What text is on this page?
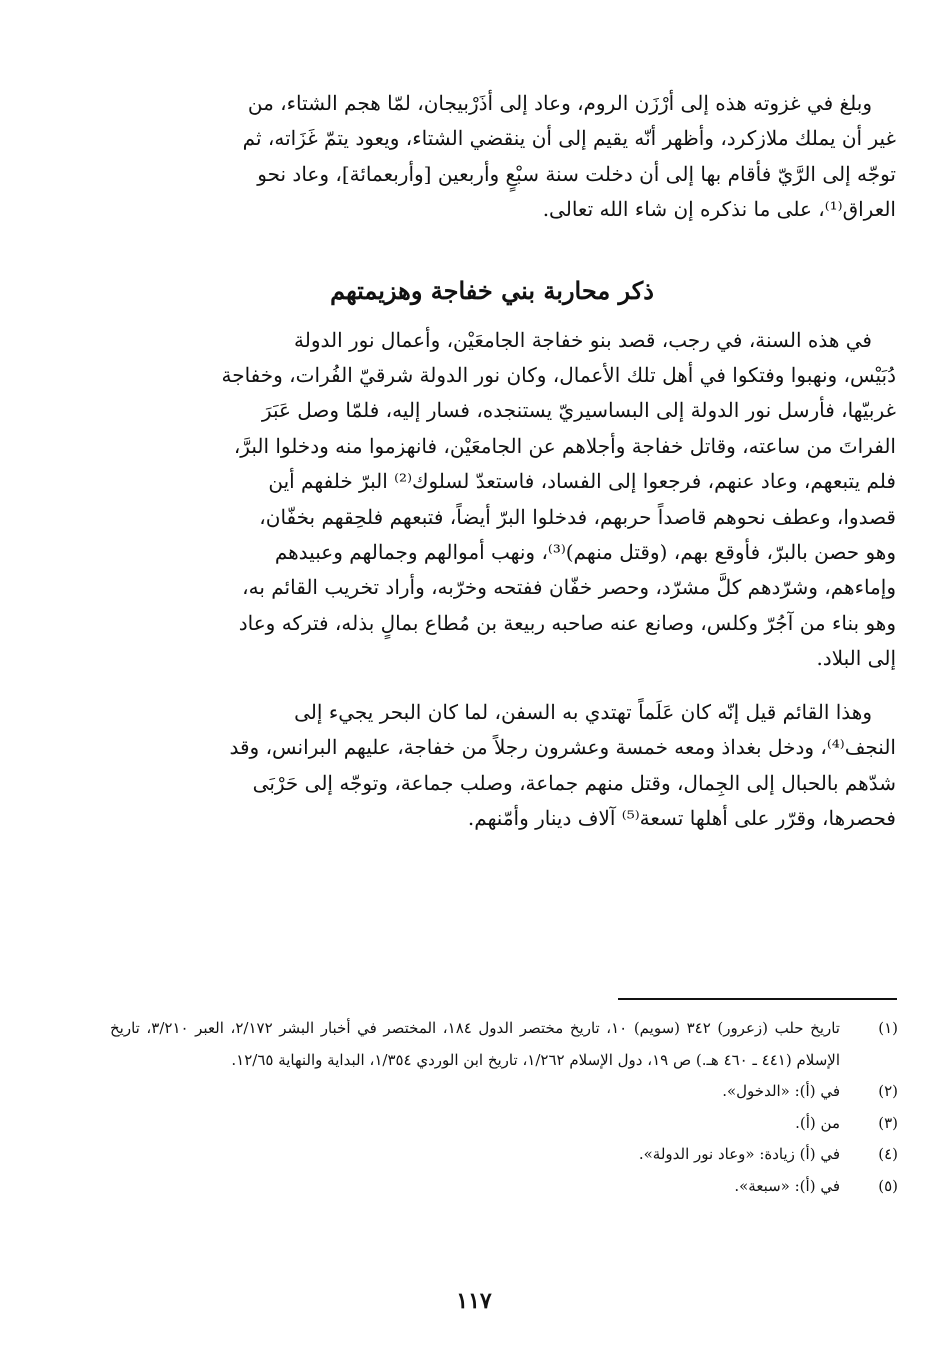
وبلغ في غزوته هذه إلى أرْزَن الروم، وعاد إلى أذَرْبيجان، لمّا هجم الشتاء، من
غير أن يملك ملازكرد، وأظهر أنّه يقيم إلى أن ينقضي الشتاء، ويعود يتمّ غَزَاته، ثم
توجّه إلى الرَّيّ فأقام بها إلى أن دخلت سنة سبْعٍ وأربعين [وأربعمائة]، وعاد نحو
العراق⁽¹⁾، على ما نذكره إن شاء الله تعالى.
ذكر محاربة بني خفاجة وهزيمتهم
في هذه السنة، في رجب، قصد بنو خفاجة الجامعَيْن، وأعمال نور الدولة
دُبَيْس، ونهبوا وفتكوا في أهل تلك الأعمال، وكان نور الدولة شرقيّ الفُرات، وخفاجة
غربيّها، فأرسل نور الدولة إلى البساسيريّ يستنجده، فسار إليه، فلمّا وصل عَبَرَ
الفراتَ من ساعته، وقاتل خفاجة وأجلاهم عن الجامعَيْن، فانهزموا منه ودخلوا البرَّ،
فلم يتبعهم، وعاد عنهم، فرجعوا إلى الفساد، فاستعدّ لسلوك⁽²⁾ البرّ خلفهم أين
قصدوا، وعطف نحوهم قاصداً حربهم، فدخلوا البرّ أيضاً، فتبعهم فلحِقهم بخفّان،
وهو حصن بالبرّ، فأوقع بهم، (وقتل منهم)⁽³⁾، ونهب أموالهم وجمالهم وعبيدهم
وإماءهم، وشرّدهم كلَّ مشرّد، وحصر خفّان ففتحه وخرّبه، وأراد تخريب القائم به،
وهو بناء من آجُرّ وكلس، وصانع عنه صاحبه ربيعة بن مُطاع بمالٍ بذله، فتركه وعاد
إلى البلاد.
وهذا القائم قيل إنّه كان عَلَماً تهتدي به السفن، لما كان البحر يجيء إلى
النجف⁽⁴⁾، ودخل بغداذ ومعه خمسة وعشرون رجلاً من خفاجة، عليهم البرانس، وقد
شدّهم بالحبال إلى الجِمال، وقتل منهم جماعة، وصلب جماعة، وتوجّه إلى حَرْبَى
فحصرها، وقرّر على أهلها تسعة⁽⁵⁾ آلاف دينار وأمّنهم.
(١)
تاريخ حلب (زعرور) ٣٤٢ (سويم) ١٠، تاريخ مختصر الدول ١٨٤، المختصر في أخبار البشر ٢/١٧٢، العبر ٣/٢١٠، تاريخ الإسلام (٤٤١ ـ ٤٦٠ هـ.) ص ١٩، دول الإسلام ١/٢٦٢، تاريخ ابن الوردي ١/٣٥٤، البداية والنهاية ١٢/٦٥.
(٢)
في (أ): «الدخول».
(٣)
من (أ).
(٤)
في (أ) زيادة: «وعاد نور الدولة».
(٥)
في (أ): «سبعة».
١١٧
